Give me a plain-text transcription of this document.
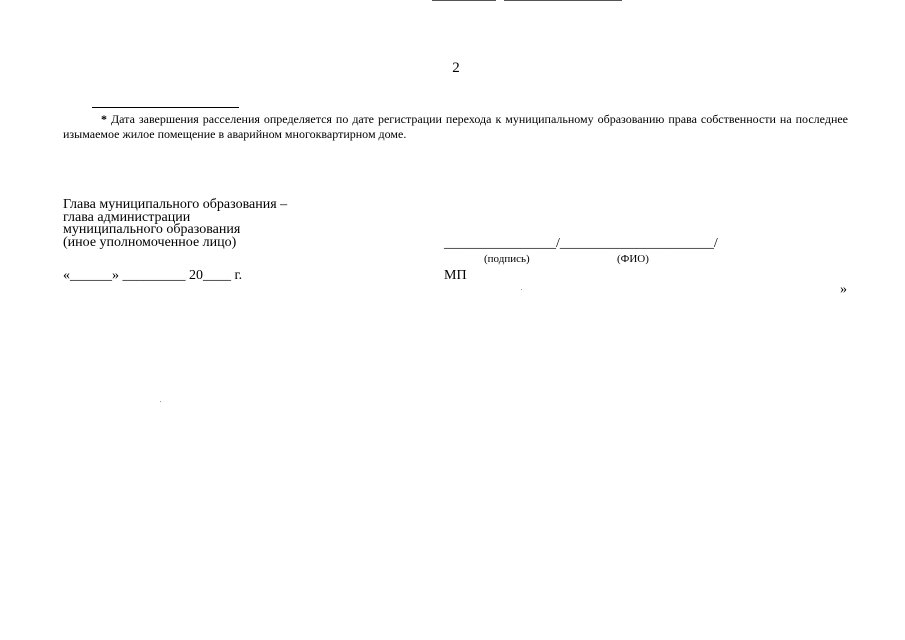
2
* Дата завершения расселения определяется по дате регистрации перехода к муниципальному образованию права собственности на последнее изымаемое жилое помещение в аварийном многоквартирном доме.
Глава муниципального образования –
глава администрации
муниципального образования
(иное уполномоченное лицо)
«______» _________ 20____ г.
________________/______________________/
(подпись)	(ФИО)
МП
»
